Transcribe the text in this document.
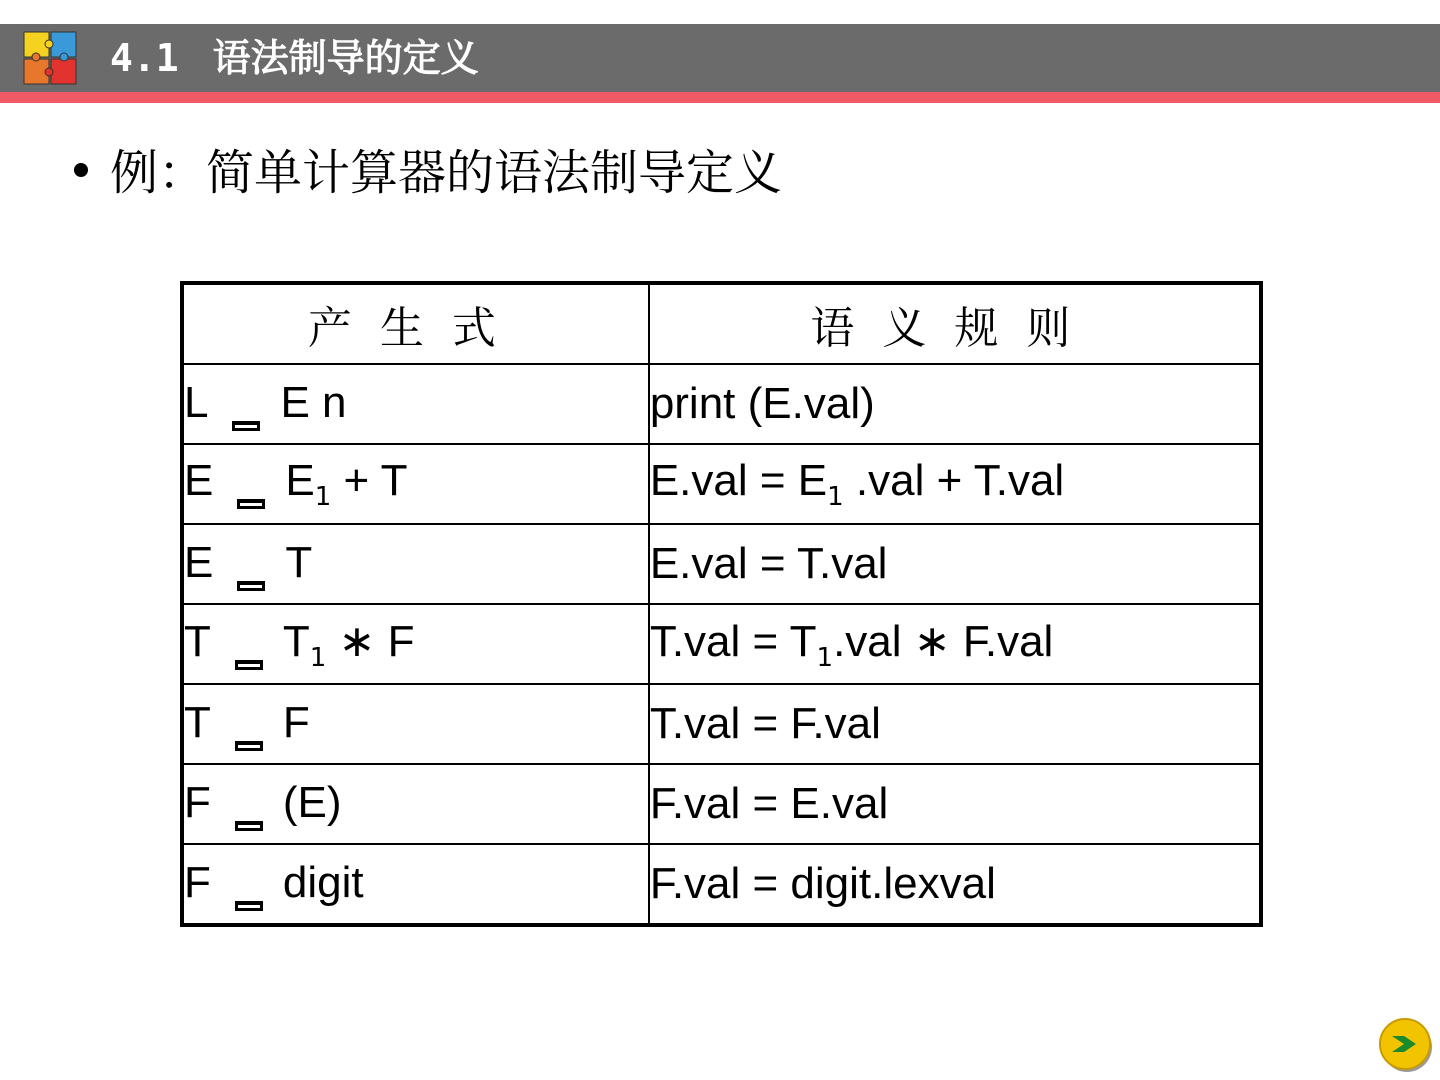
4.1 语法制导的定义
例：简单计算器的语法制导定义
产生式	语义规则
L E n	print (E.val)
E $E_1 + T$	$E.val = E_1$ .val + T.val
E T	E.val = T.val
T $T_1$ ∗ F	$T.val = T_1.val$ ∗ F.val
T F	T.val = F.val
F (E)	F.val = E.val
F digit	F.val = digit.lexval
